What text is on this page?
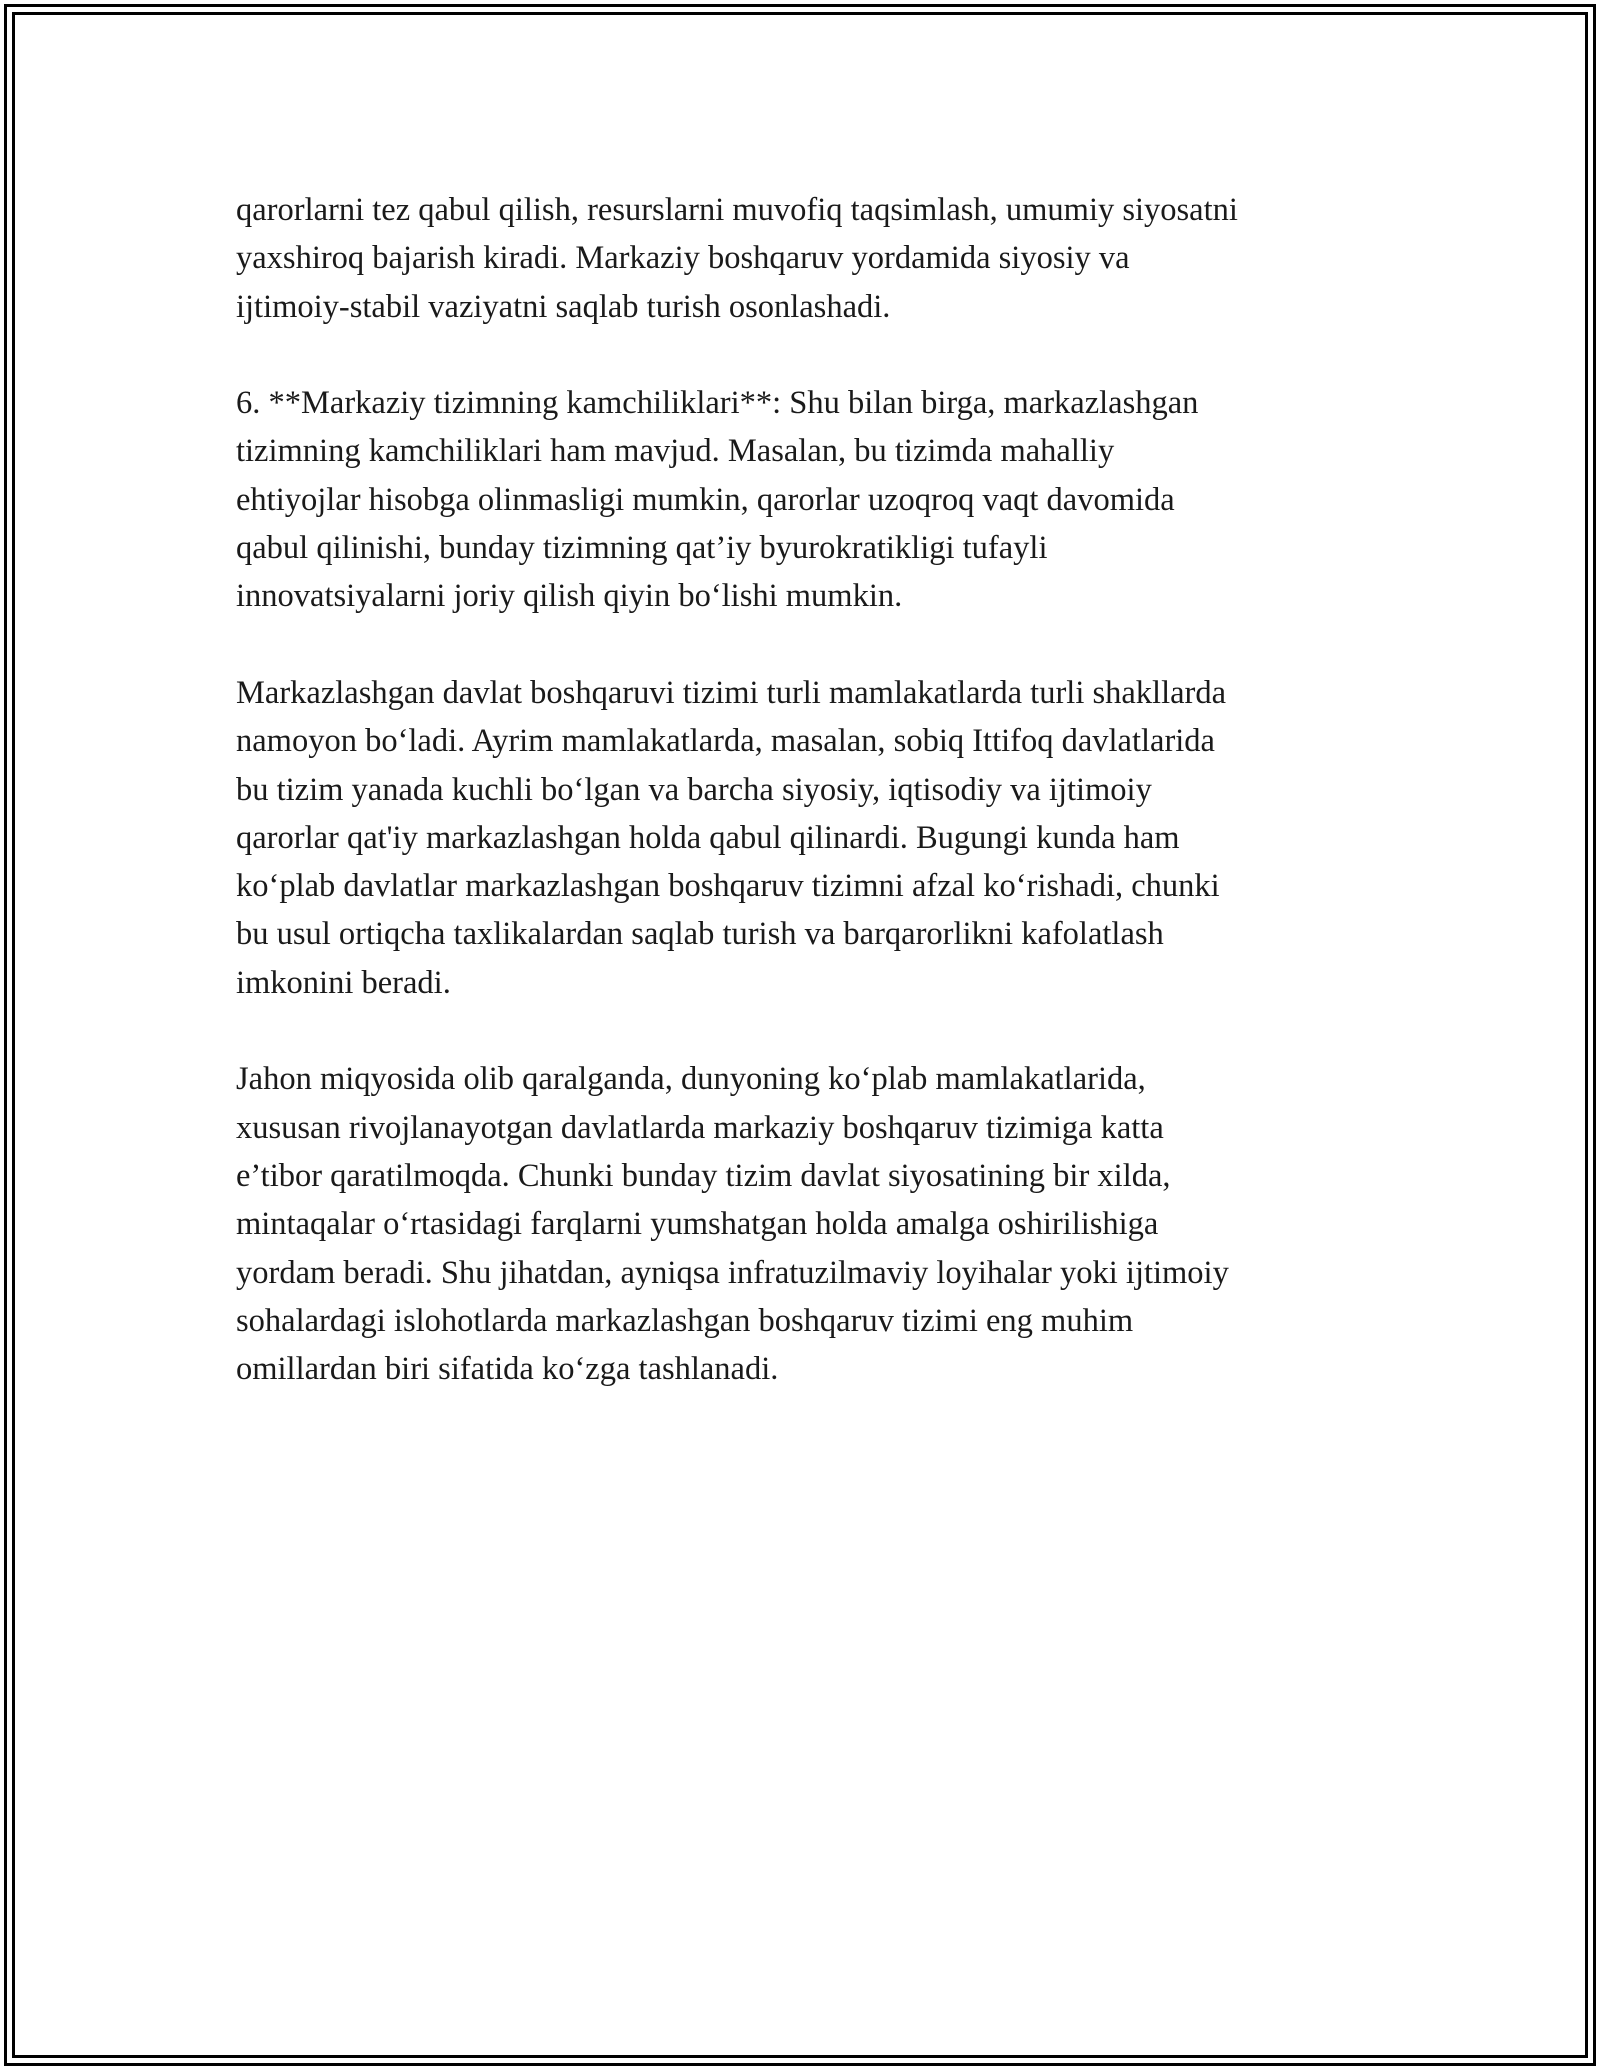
qarorlarni tez qabul qilish, resurslarni muvofiq taqsimlash, umumiy siyosatni
yaxshiroq bajarish kiradi. Markaziy boshqaruv yordamida siyosiy va
ijtimoiy-stabil vaziyatni saqlab turish osonlashadi.

6. **Markaziy tizimning kamchiliklari**: Shu bilan birga, markazlashgan
tizimning kamchiliklari ham mavjud. Masalan, bu tizimda mahalliy
ehtiyojlar hisobga olinmasligi mumkin, qarorlar uzoqroq vaqt davomida
qabul qilinishi, bunday tizimning qat’iy byurokratikligi tufayli
innovatsiyalarni joriy qilish qiyin boʻlishi mumkin.

Markazlashgan davlat boshqaruvi tizimi turli mamlakatlarda turli shakllarda
namoyon boʻladi. Ayrim mamlakatlarda, masalan, sobiq Ittifoq davlatlarida
bu tizim yanada kuchli boʻlgan va barcha siyosiy, iqtisodiy va ijtimoiy
qarorlar qat'iy markazlashgan holda qabul qilinardi. Bugungi kunda ham
koʻplab davlatlar markazlashgan boshqaruv tizimni afzal koʻrishadi, chunki
bu usul ortiqcha taxlikalardan saqlab turish va barqarorlikni kafolatlash
imkonini beradi.

Jahon miqyosida olib qaralganda, dunyoning koʻplab mamlakatlarida,
xususan rivojlanayotgan davlatlarda markaziy boshqaruv tizimiga katta
e’tibor qaratilmoqda. Chunki bunday tizim davlat siyosatining bir xilda,
mintaqalar oʻrtasidagi farqlarni yumshatgan holda amalga oshirilishiga
yordam beradi. Shu jihatdan, ayniqsa infratuzilmaviy loyihalar yoki ijtimoiy
sohalardagi islohotlarda markazlashgan boshqaruv tizimi eng muhim
omillardan biri sifatida koʻzga tashlanadi.
